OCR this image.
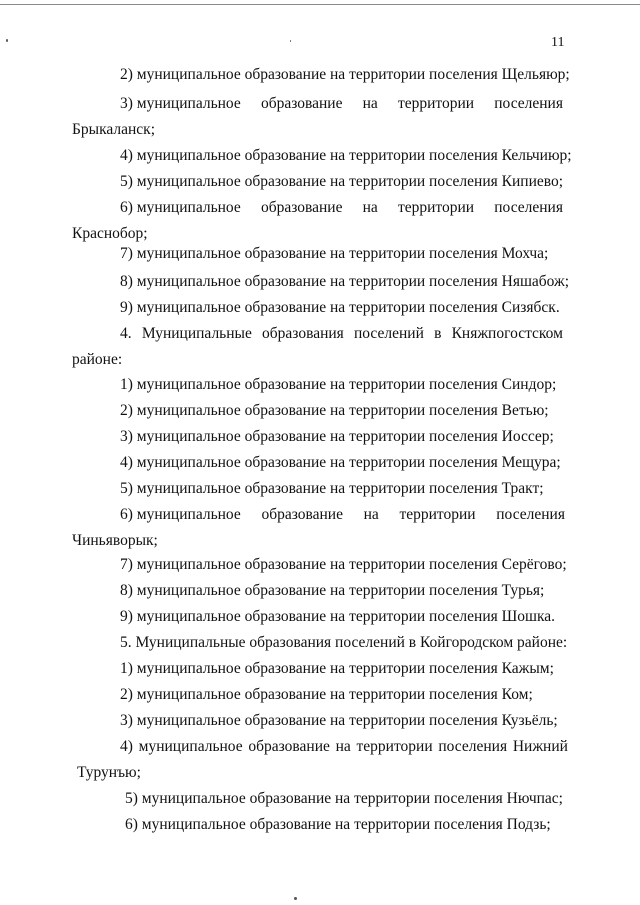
11
2) муниципальное образование на территории поселения Щельяюр;
3) муниципальное образование на территории поселения
Брыкаланск;
4) муниципальное образование на территории поселения Кельчиюр;
5) муниципальное образование на территории поселения Кипиево;
6) муниципальное образование на территории поселения
Краснобор;
7) муниципальное образование на территории поселения Мохча;
8) муниципальное образование на территории поселения Няшабож;
9) муниципальное образование на территории поселения Сизябск.
4. Муниципальные образования поселений в Княжпогостском
районе:
1) муниципальное образование на территории поселения Синдор;
2) муниципальное образование на территории поселения Ветью;
3) муниципальное образование на территории поселения Иоссер;
4) муниципальное образование на территории поселения Мещура;
5) муниципальное образование на территории поселения Тракт;
6) муниципальное образование на территории поселения
Чиньяворык;
7) муниципальное образование на территории поселения Серёгово;
8) муниципальное образование на территории поселения Турья;
9) муниципальное образование на территории поселения Шошка.
5. Муниципальные образования поселений в Койгородском районе:
1) муниципальное образование на территории поселения Кажым;
2) муниципальное образование на территории поселения Ком;
3) муниципальное образование на территории поселения Кузьёль;
4) муниципальное образование на территории поселения Нижний
Турунъю;
5) муниципальное образование на территории поселения Нючпас;
6) муниципальное образование на территории поселения Подзь;
